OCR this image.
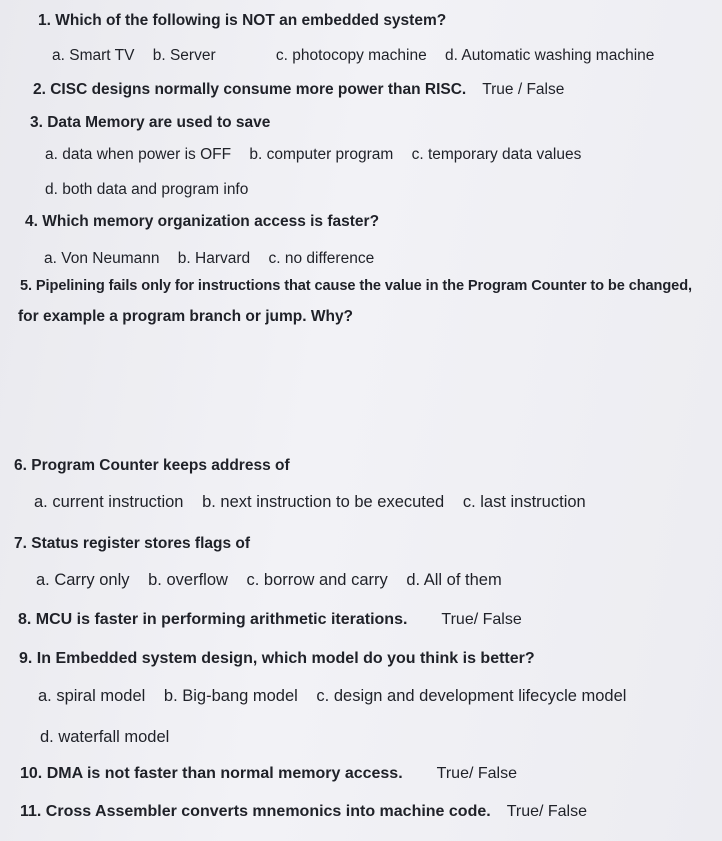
1. Which of the following is NOT an embedded system?
a. Smart TV b. Server	c. photocopy machine d. Automatic washing machine
2. CISC designs normally consume more power than RISC. True / False
3. Data Memory are used to save
a. data when power is OFF b. computer program c. temporary data values
d. both data and program info
4. Which memory organization access is faster?
a. Von Neumann b. Harvard c. no difference
5. Pipelining fails only for instructions that cause the value in the Program Counter to be changed,
for example a program branch or jump. Why?
6. Program Counter keeps address of
a. current instruction b. next instruction to be executed c. last instruction
7. Status register stores flags of
a. Carry only b. overflow c. borrow and carry d. All of them
8. MCU is faster in performing arithmetic iterations. True/ False
9. In Embedded system design, which model do you think is better?
a. spiral model b. Big-bang model c. design and development lifecycle model
d. waterfall model
10. DMA is not faster than normal memory access. True/ False
11. Cross Assembler converts mnemonics into machine code. True/ False
